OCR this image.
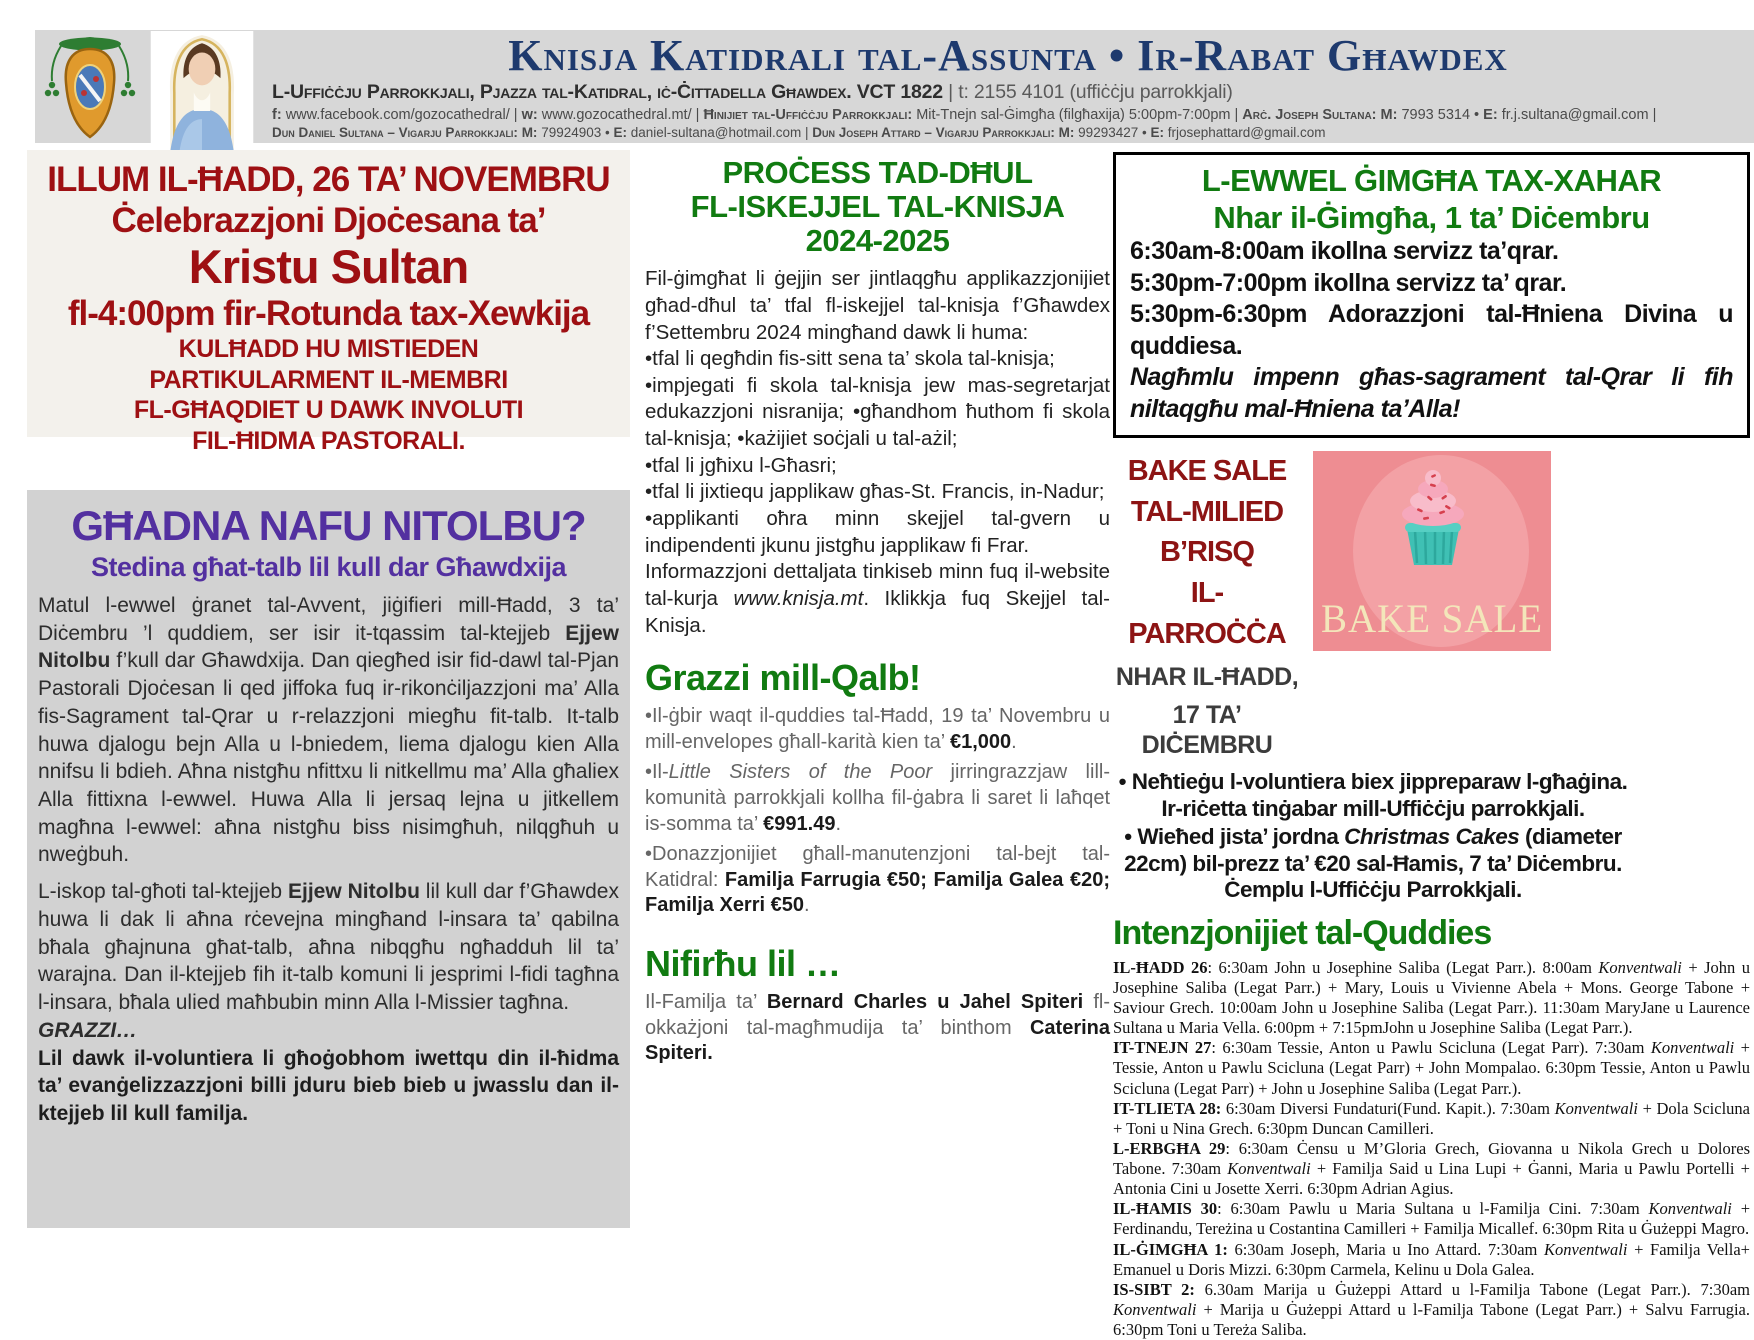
Knisja Katidrali tal-Assunta • Ir-Rabat Għawdex
L-Uffiċċju Parrokkjali, Pjazza tal-Katidral, iċ-Ċittadella Għawdex. VCT 1822 | t: 2155 4101 (uffiċċju parrokkjali)
f: www.facebook.com/gozocathedral/ | w: www.gozocathedral.mt/ | Ħinijiet tal-Uffiċċju Parrokkjali: Mit-Tnejn sal-Ġimgħa (filgħaxija) 5:00pm-7:00pm | Arċ. Joseph Sultana: M: 7993 5314 • E: fr.j.sultana@gmail.com |
Dun Daniel Sultana – Vigarju Parrokkjali: M: 79924903 • E: daniel-sultana@hotmail.com | Dun Joseph Attard – Vigarju Parrokkjali: M: 99293427 • E: frjosephattard@gmail.com
ILLUM IL-ĦADD, 26 TA’ NOVEMBRU
Ċelebrazzjoni Djoċesana ta’
Kristu Sultan
fl-4:00pm fir-Rotunda tax-Xewkija
KULĦADD HU MISTIEDEN
PARTIKULARMENT IL-MEMBRI
FL-GĦAQDIET U DAWK INVOLUTI
FIL-ĦIDMA PASTORALI.
GĦADNA NAFU NITOLBU?
Stedina għat-talb lil kull dar Għawdxija
Matul l-ewwel ġranet tal-Avvent, jiġifieri mill-Ħadd, 3 ta’ Diċembru ’l quddiem, ser isir it-tqassim tal-ktejjeb Ejjew Nitolbu f’kull dar Għawdxija. Dan qiegħed isir fid-dawl tal-Pjan Pastorali Djoċesan li qed jiffoka fuq ir-rikonċiljazzjoni ma’ Alla fis-Sagrament tal-Qrar u r-relazzjoni miegħu fit-talb. It-talb huwa djalogu bejn Alla u l-bniedem, liema djalogu kien Alla nnifsu li bdieh. Aħna nistgħu nfittxu li nitkellmu ma’ Alla għaliex Alla fittixna l-ewwel. Huwa Alla li jersaq lejna u jitkellem magħna l-ewwel: aħna nistgħu biss nisimgħuh, nilqgħuh u nweġbuh.
L-iskop tal-għoti tal-ktejjeb Ejjew Nitolbu lil kull dar f’Għawdex huwa li dak li aħna rċevejna mingħand l-insara ta’ qabilna bħala għajnuna għat-talb, aħna nibqgħu ngħadduh lil ta’ warajna. Dan il-ktejjeb fih it-talb komuni li jesprimi l-fidi tagħna l-insara, bħala ulied maħbubin minn Alla l-Missier tagħna.
GRAZZI…
Lil dawk il-voluntiera li għoġobhom iwettqu din il-ħidma ta’ evanġelizzazzjoni billi jduru bieb bieb u jwasslu dan il-ktejjeb lil kull familja.
PROĊESS TAD-DĦUL
FL-ISKEJJEL TAL-KNISJA
2024-2025
Fil-ġimgħat li ġejjin ser jintlaqgħu applikazzjonijiet għad-dħul ta’ tfal fl-iskejjel tal-knisja f’Għawdex f’Settembru 2024 mingħand dawk li huma:
•tfal li qegħdin fis-sitt sena ta’ skola tal-knisja;
•impjegati fi skola tal-knisja jew mas-segretarjat edukazzjoni nisranija; •għandhom ħuthom fi skola tal-knisja; •każijiet soċjali u tal-ażil;
•tfal li jgħixu l-Għasri;
•tfal li jixtiequ japplikaw għas-St. Francis, in-Nadur;
•applikanti oħra minn skejjel tal-gvern u indipendenti jkunu jistgħu japplikaw fi Frar.
Informazzjoni dettaljata tinkiseb minn fuq il-website tal-kurja www.knisja.mt. Iklikkja fuq Skejjel tal-Knisja.
Grazzi mill-Qalb!
•Il-ġbir waqt il-quddies tal-Ħadd, 19 ta’ Novembru u mill-envelopes għall-karità kien ta’ €1,000.
•Il-Little Sisters of the Poor jirringrazzjaw lill-komunità parrokkjali kollha fil-ġabra li saret li laħqet is-somma ta’ €991.49.
•Donazzjonijiet għall-manutenzjoni tal-bejt tal-Katidral: Familja Farrugia €50; Familja Galea €20; Familja Xerri €50.
Nifirħu lil …
Il-Familja ta’ Bernard Charles u Jahel Spiteri fl-okkażjoni tal-magħmudija ta’ binthom Caterina Spiteri.
L-EWWEL ĠIMGĦA TAX-XAHAR
Nhar il-Ġimgħa, 1 ta’ Diċembru
6:30am-8:00am ikollna servizz ta’qrar.
5:30pm-7:00pm ikollna servizz ta’ qrar.
5:30pm-6:30pm Adorazzjoni tal-Ħniena Divina u quddiesa.
Nagħmlu impenn għas-sagrament tal-Qrar li fih niltaqgħu mal-Ħniena ta’Alla!
BAKE SALE
TAL-MILIED
B’RISQ
IL-PARROĊĊA
NHAR IL-ĦADD,
17 TA’ DIĊEMBRU
BAKE SALE
• Neħtieġu l-voluntiera biex jippreparaw l-għaġina. Ir-riċetta tinġabar mill-Uffiċċju parrokkjali.
• Wieħed jista’ jordna Christmas Cakes (diameter 22cm) bil-prezz ta’ €20 sal-Ħamis, 7 ta’ Diċembru. Ċemplu l-Uffiċċju Parrokkjali.
Intenzjonijiet tal-Quddies
IL-ĦADD 26: 6:30am John u Josephine Saliba (Legat Parr.). 8:00am Konventwali + John u Josephine Saliba (Legat Parr.) + Mary, Louis u Vivienne Abela + Mons. George Tabone + Saviour Grech. 10:00am John u Josephine Saliba (Legat Parr.). 11:30am MaryJane u Laurence Sultana u Maria Vella. 6:00pm + 7:15pmJohn u Josephine Saliba (Legat Parr.).
IT-TNEJN 27: 6:30am Tessie, Anton u Pawlu Scicluna (Legat Parr). 7:30am Konventwali + Tessie, Anton u Pawlu Scicluna (Legat Parr) + John Mompalao. 6:30pm Tessie, Anton u Pawlu Scicluna (Legat Parr) + John u Josephine Saliba (Legat Parr.).
IT-TLIETA 28: 6:30am Diversi Fundaturi(Fund. Kapit.). 7:30am Konventwali + Dola Scicluna + Toni u Nina Grech. 6:30pm Duncan Camilleri.
L-ERBGĦA 29: 6:30am Ċensu u M’Gloria Grech, Giovanna u Nikola Grech u Dolores Tabone. 7:30am Konventwali + Familja Said u Lina Lupi + Ġanni, Maria u Pawlu Portelli + Antonia Cini u Josette Xerri. 6:30pm Adrian Agius.
IL-ĦAMIS 30: 6:30am Pawlu u Maria Sultana u l-Familja Cini. 7:30am Konventwali + Ferdinandu, Tereżina u Costantina Camilleri + Familja Micallef. 6:30pm Rita u Ġużeppi Magro.
IL-ĠIMGĦA 1: 6:30am Joseph, Maria u Ino Attard. 7:30am Konventwali + Familja Vella+ Emanuel u Doris Mizzi. 6:30pm Carmela, Kelinu u Dola Galea.
IS-SIBT 2: 6.30am Marija u Ġużeppi Attard u l-Familja Tabone (Legat Parr.). 7:30am Konventwali + Marija u Ġużeppi Attard u l-Familja Tabone (Legat Parr.) + Salvu Farrugia. 6:30pm Toni u Tereża Saliba.
